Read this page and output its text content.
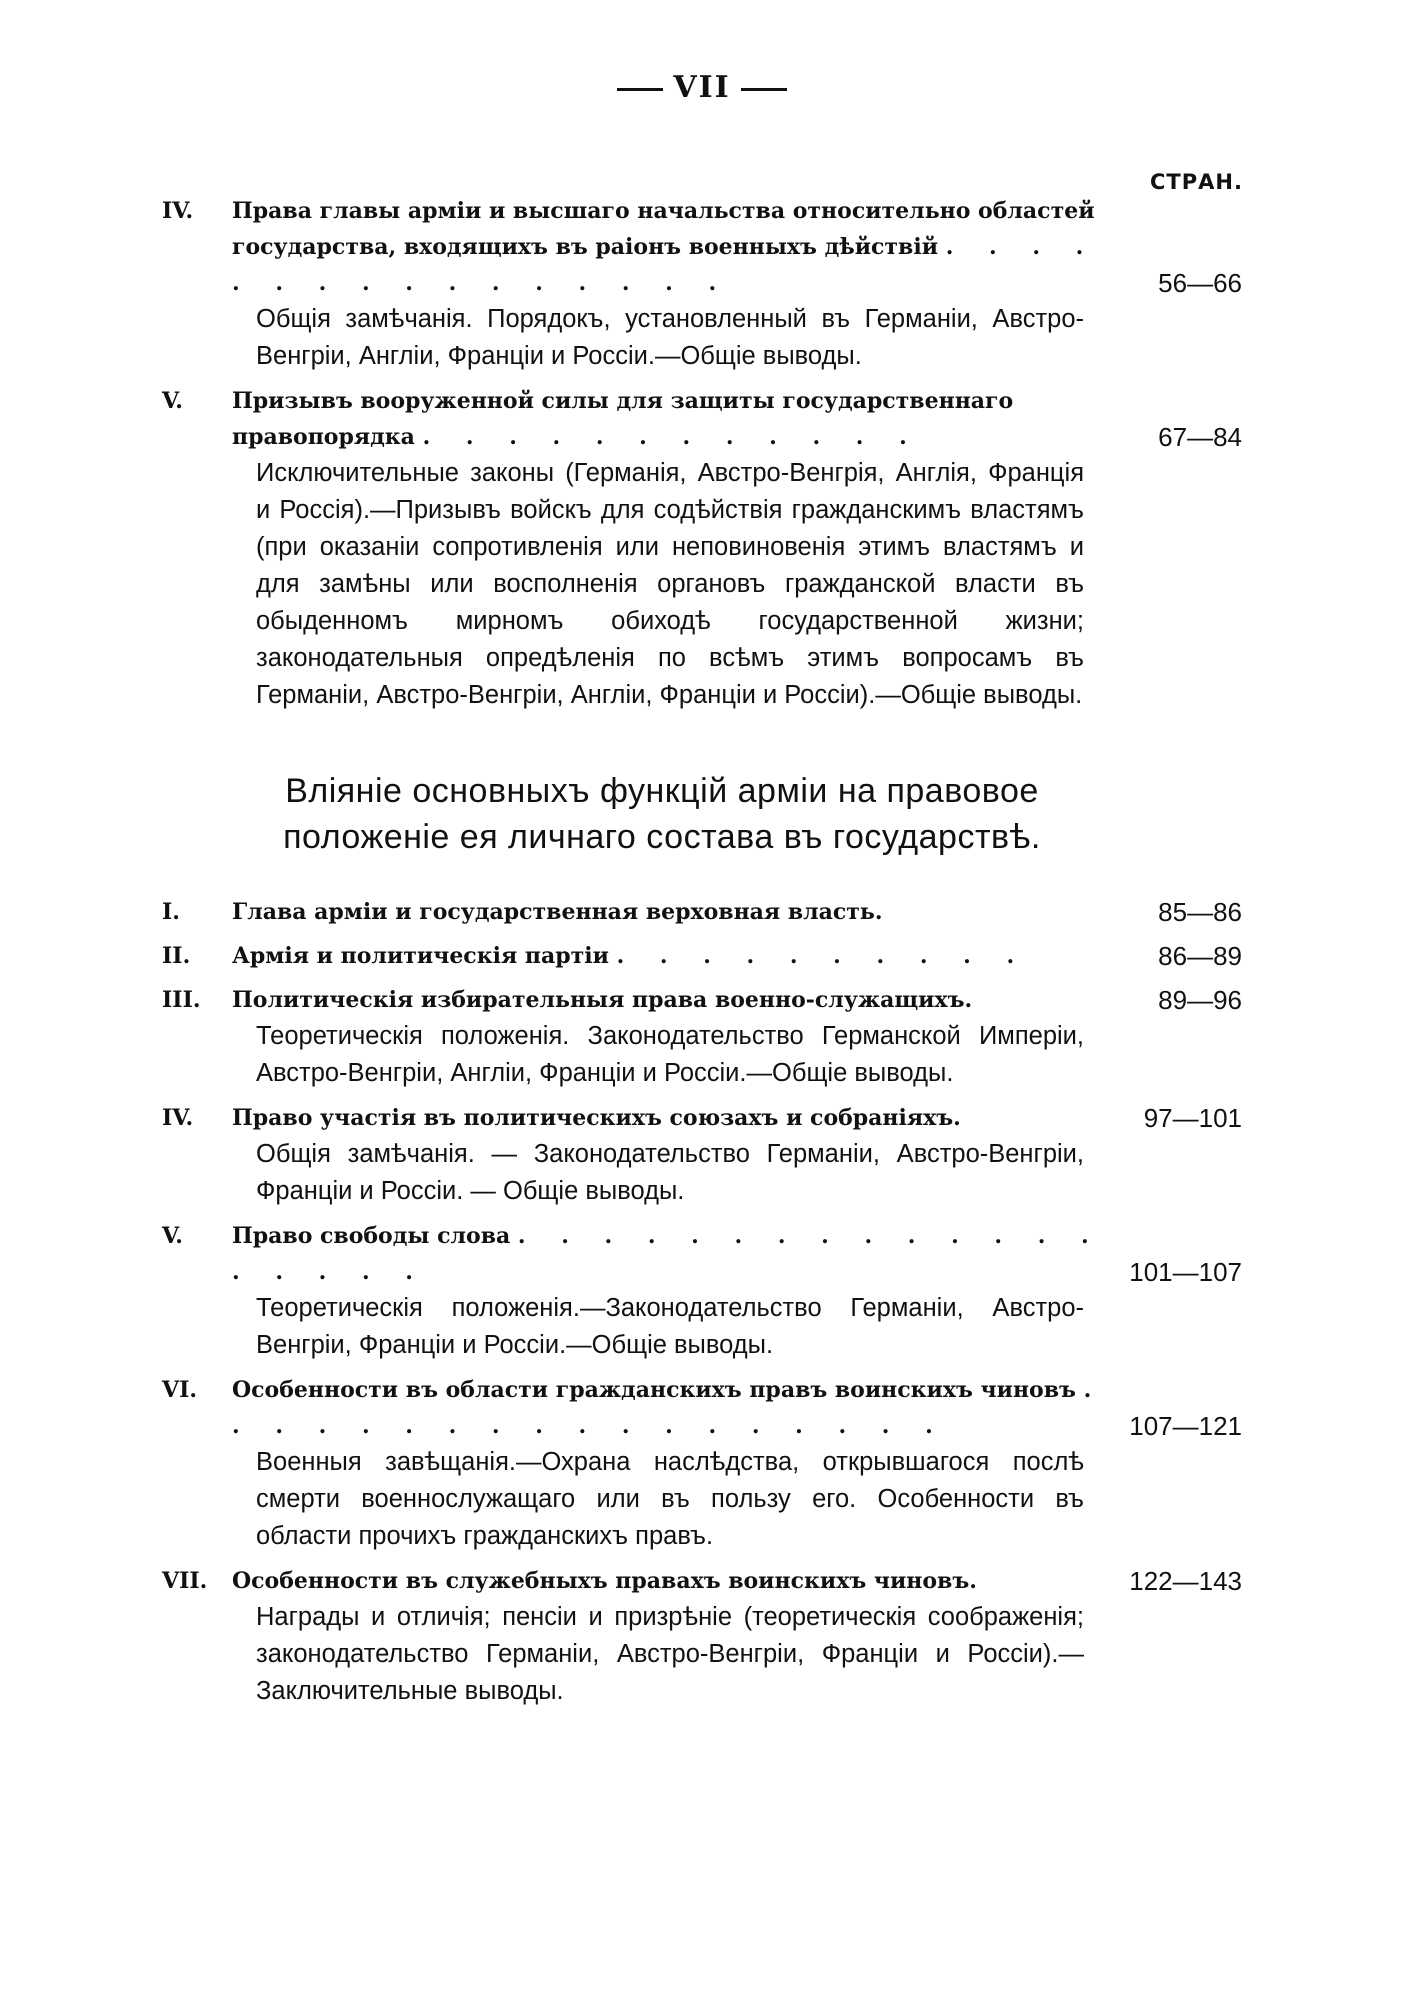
VII
СТРАН.
IV.	Права главы арміи и высшаго начальства относительно областей государства, входящихъ въ раіонъ военныхъ дѣйствій . . . . . . . . . . . . . . . .	56—66
Общія замѣчанія. Порядокъ, установленный въ Германіи, Австро-Венгріи, Англіи, Франціи и Россіи.—Общіе выводы.
V.	Призывъ вооруженной силы для защиты государственнаго правопорядка . . . . . . . . . . . .	67—84
Исключительные законы (Германія, Австро-Венгрія, Англія, Франція и Россія).—Призывъ войскъ для содѣйствія гражданскимъ властямъ (при оказаніи сопротивленія или неповиновенія этимъ властямъ и для замѣны или восполненія органовъ гражданской власти въ обыденномъ мирномъ обиходѣ государственной жизни; законодательныя опредѣленія по всѣмъ этимъ вопросамъ въ Германіи, Австро-Венгріи, Англіи, Франціи и Россіи).—Общіе выводы.
Вліяніе основныхъ функцій арміи на правовое
положеніе ея личнаго состава въ государствѣ.
I.	Глава арміи и государственная верховная власть.	85—86
II.	Армія и политическія партіи . . . . . . . . . .	86—89
III.	Политическія избирательныя права военно-служащихъ.	89—96
Теоретическія положенія. Законодательство Германской Имперіи, Австро-Венгріи, Англіи, Франціи и Россіи.—Общіе выводы.
IV.	Право участія въ политическихъ союзахъ и собраніяхъ.	97—101
Общія замѣчанія. — Законодательство Германіи, Австро-Венгріи, Франціи и Россіи. — Общіе выводы.
V.	Право свободы слова . . . . . . . . . . . . . . . . . . .	101—107
Теоретическія положенія.—Законодательство Германіи, Австро-Венгріи, Франціи и Россіи.—Общіе выводы.
VI.	Особенности въ области гражданскихъ правъ воинскихъ чиновъ . . . . . . . . . . . . . . . . . .	107—121
Военныя завѣщанія.—Охрана наслѣдства, открывшагося послѣ смерти военнослужащаго или въ пользу его. Особенности въ области прочихъ гражданскихъ правъ.
VII.	Особенности въ служебныхъ правахъ воинскихъ чиновъ.	122—143
Награды и отличія; пенсіи и призрѣніе (теоретическія соображенія; законодательство Германіи, Австро-Венгріи, Франціи и Россіи).—Заключительные выводы.
